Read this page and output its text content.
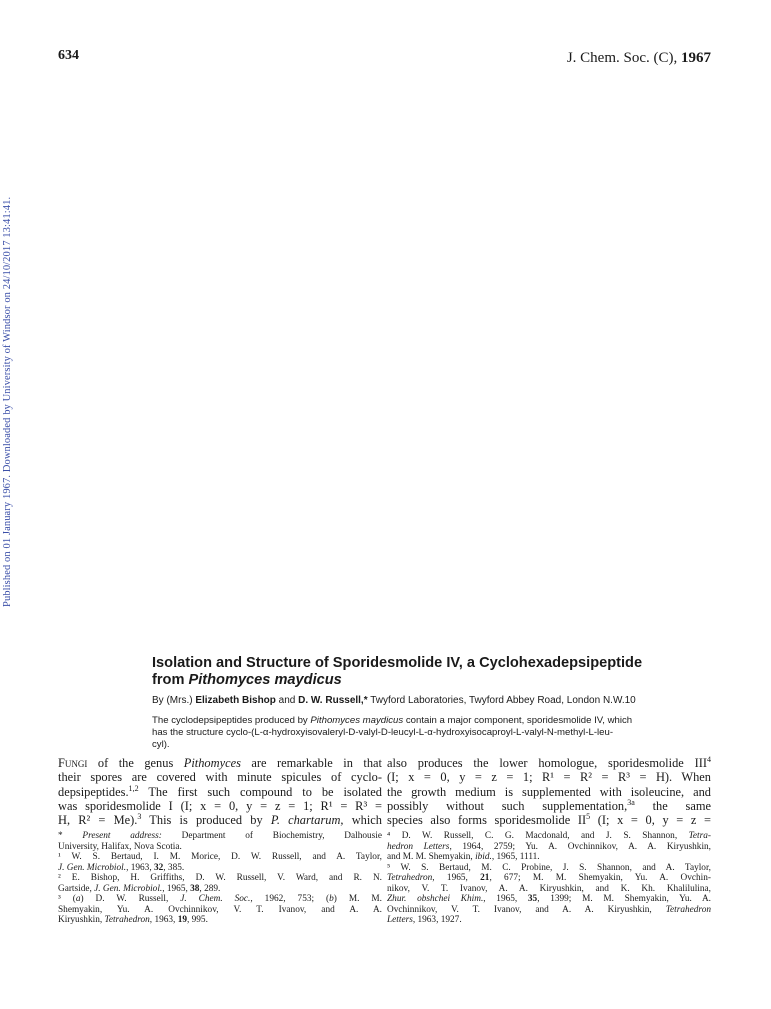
634	J. Chem. Soc. (C), 1967
Published on 01 January 1967. Downloaded by University of Windsor on 24/10/2017 13:41:41.
Isolation and Structure of Sporidesmolide IV, a Cyclohexadepsipeptide
from Pithomyces maydicus
By (Mrs.) Elizabeth Bishop and D. W. Russell,* Twyford Laboratories, Twyford Abbey Road, London N.W.10
The cyclodepsipeptides produced by Pithomyces maydicus contain a major component, sporidesmolide IV, which
has the structure cyclo-(L-α-hydroxyisovaleryl-D-valyl-D-leucyl-L-α-hydroxyisocaproyl-L-valyl-N-methyl-L-leu-
cyl).

Fungi of the genus Pithomyces are remarkable in that
their spores are covered with minute spicules of cyclo-
depsipeptides.$^{1,2}$ The first such compound to be isolated
was sporidesmolide I (I; x = 0, y = z = 1; R¹ = R³ =
H, R² = Me).$^3$ This is produced by P. chartarum, which

* Present address: Department of Biochemistry, Dalhousie
University, Halifax, Nova Scotia.
¹ W. S. Bertaud, I. M. Morice, D. W. Russell, and A. Taylor,
J. Gen. Microbiol., 1963, 32, 385.
² E. Bishop, H. Griffiths, D. W. Russell, V. Ward, and R. N.
Gartside, J. Gen. Microbiol., 1965, 38, 289.
³ (a) D. W. Russell, J. Chem. Soc., 1962, 753; (b) M. M.
Shemyakin, Yu. A. Ovchinnikov, V. T. Ivanov, and A. A.
Kiryushkin, Tetrahedron, 1963, 19, 995.

also produces the lower homologue, sporidesmolide III$^4$
(I; x = 0, y = z = 1; R¹ = R² = R³ = H). When
the growth medium is supplemented with isoleucine, and
possibly without such supplementation,$^{3a}$ the same
species also forms sporidesmolide $II^5$ (I; x = 0, y = z =

⁴ D. W. Russell, C. G. Macdonald, and J. S. Shannon, Tetra-
hedron Letters, 1964, 2759; Yu. A. Ovchinnikov, A. A. Kiryushkin,
and M. M. Shemyakin, ibid., 1965, 1111.
⁵ W. S. Bertaud, M. C. Probine, J. S. Shannon, and A. Taylor,
Tetrahedron, 1965, 21, 677; M. M. Shemyakin, Yu. A. Ovchin-
nikov, V. T. Ivanov, A. A. Kiryushkin, and K. Kh. Khalilulina,
Zhur. obshchei Khim., 1965, 35, 1399; M. M. Shemyakin, Yu. A.
Ovchinnikov, V. T. Ivanov, and A. A. Kiryushkin, Tetrahedron
Letters, 1963, 1927.
